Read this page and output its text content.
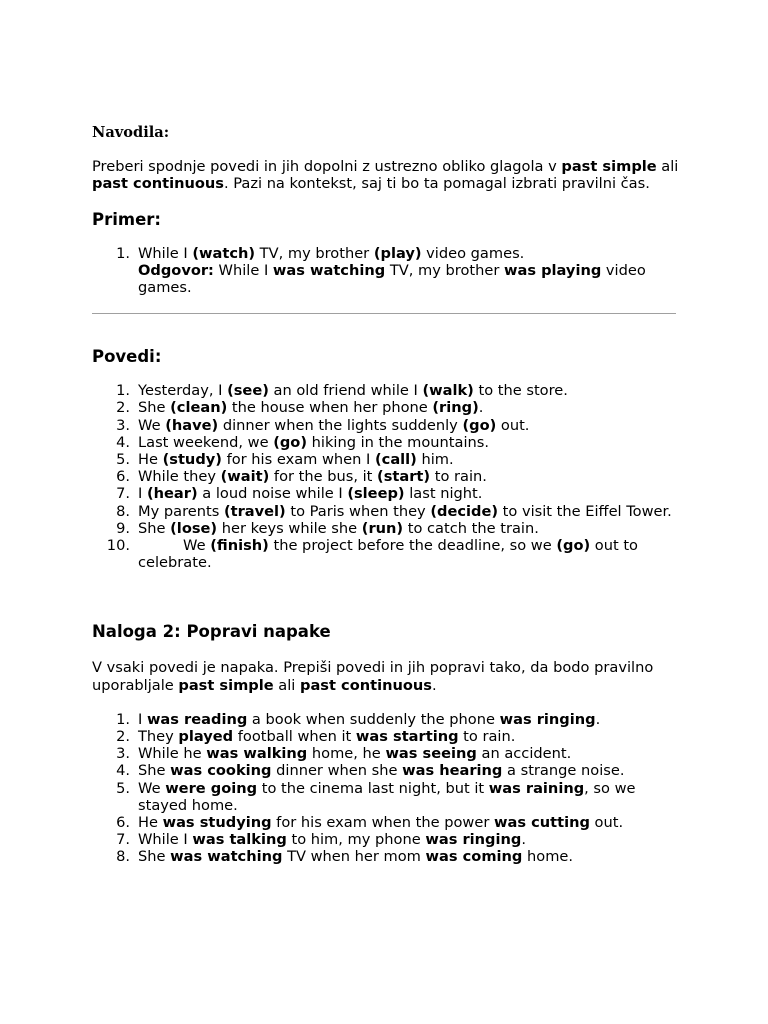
Navodila:

Preberi spodnje povedi in jih dopolni z ustrezno obliko glagola v past simple ali past continuous. Pazi na kontekst, saj ti bo ta pomagal izbrati pravilni čas.

Primer:
1. While I (watch) TV, my brother (play) video games.
Odgovor: While I was watching TV, my brother was playing video games.
Povedi:
1. Yesterday, I (see) an old friend while I (walk) to the store.
2. She (clean) the house when her phone (ring).
3. We (have) dinner when the lights suddenly (go) out.
4. Last weekend, we (go) hiking in the mountains.
5. He (study) for his exam when I (call) him.
6. While they (wait) for the bus, it (start) to rain.
7. I (hear) a loud noise while I (sleep) last night.
8. My parents (travel) to Paris when they (decide) to visit the Eiffel Tower.
9. She (lose) her keys while she (run) to catch the train.
10.	We (finish) the project before the deadline, so we (go) out to celebrate.
Naloga 2: Popravi napake

V vsaki povedi je napaka. Prepiši povedi in jih popravi tako, da bodo pravilno uporabljale past simple ali past continuous.

1. I was reading a book when suddenly the phone was ringing.
2. They played football when it was starting to rain.
3. While he was walking home, he was seeing an accident.
4. She was cooking dinner when she was hearing a strange noise.
5. We were going to the cinema last night, but it was raining, so we stayed home.
6. He was studying for his exam when the power was cutting out.
7. While I was talking to him, my phone was ringing.
8. She was watching TV when her mom was coming home.
